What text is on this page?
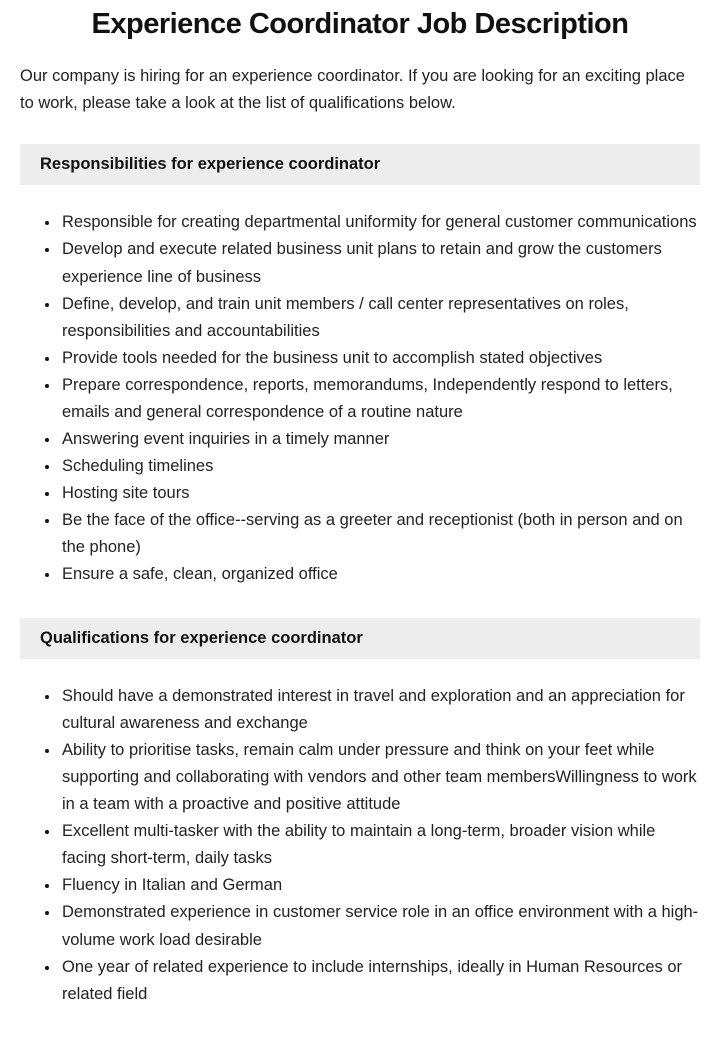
Experience Coordinator Job Description

Our company is hiring for an experience coordinator. If you are looking for an exciting place to work, please take a look at the list of qualifications below.

Responsibilities for experience coordinator
• Responsible for creating departmental uniformity for general customer communications
• Develop and execute related business unit plans to retain and grow the customers experience line of business
• Define, develop, and train unit members / call center representatives on roles, responsibilities and accountabilities
• Provide tools needed for the business unit to accomplish stated objectives
• Prepare correspondence, reports, memorandums, Independently respond to letters, emails and general correspondence of a routine nature
• Answering event inquiries in a timely manner
• Scheduling timelines
• Hosting site tours
• Be the face of the office--serving as a greeter and receptionist (both in person and on the phone)
• Ensure a safe, clean, organized office
Qualifications for experience coordinator
• Should have a demonstrated interest in travel and exploration and an appreciation for cultural awareness and exchange
• Ability to prioritise tasks, remain calm under pressure and think on your feet while supporting and collaborating with vendors and other team membersWillingness to work in a team with a proactive and positive attitude
• Excellent multi-tasker with the ability to maintain a long-term, broader vision while facing short-term, daily tasks
• Fluency in Italian and German
• Demonstrated experience in customer service role in an office environment with a high-volume work load desirable
• One year of related experience to include internships, ideally in Human Resources or related field
